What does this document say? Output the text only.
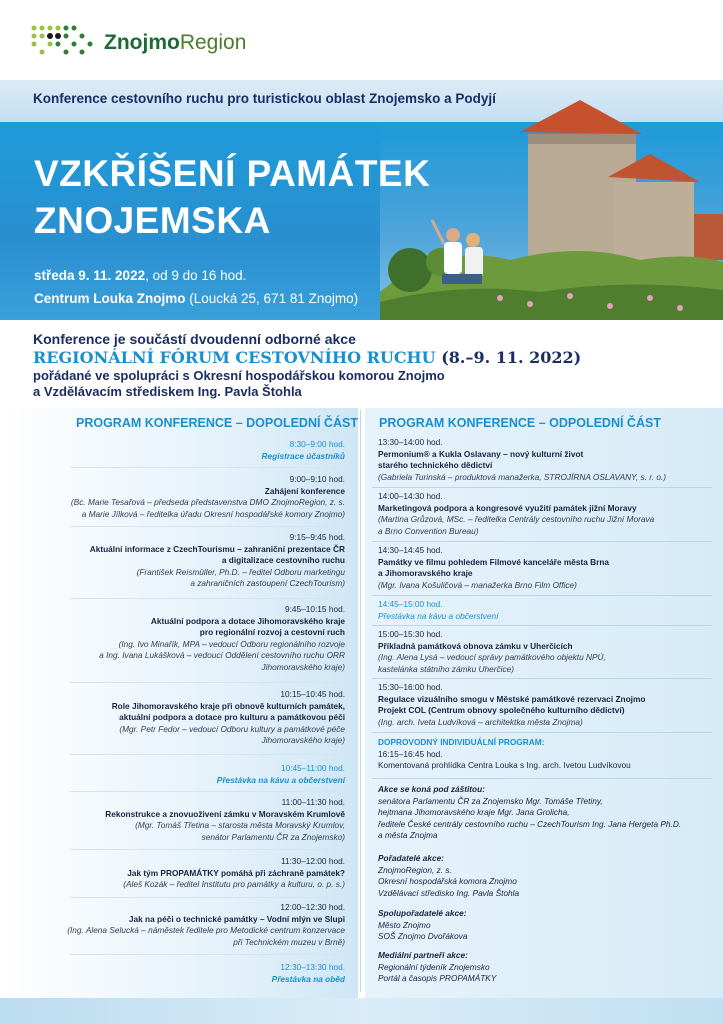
ZnojmoRegion
Konference cestovního ruchu pro turistickou oblast Znojemsko a Podyjí
VZKŘÍŠENÍ PAMÁTEK
ZNOJEMSKA
středa 9. 11. 2022, od 9 do 16 hod.
Centrum Louka Znojmo (Loucká 25, 671 81 Znojmo)
Konference je součástí dvoudenní odborné akce
REGIONÁLNÍ FÓRUM CESTOVNÍHO RUCHU (8.–9. 11. 2022)
pořádané ve spolupráci s Okresní hospodářskou komorou Znojmo
a Vzdělávacím střediskem Ing. Pavla Štohla
PROGRAM KONFERENCE – DOPOLEDNÍ ČÁST PROGRAM KONFERENCE – ODPOLEDNÍ ČÁST
8:30–9:00 hod.
Registrace účastníků
9:00–9:10 hod.
Zahájení konference
(Bc. Marie Tesařová – předseda představenstva DMO ZnojmoRegion, z. s.
a Marie Jílková – ředitelka úřadu Okresní hospodářské komory Znojmo)
9:15–9:45 hod.
Aktuální informace z CzechTourismu – zahraniční prezentace ČR
a digitalizace cestovního ruchu
(František Reismüller, Ph.D. – ředitel Odboru marketingu
a zahraničních zastoupení CzechTourism)
9:45–10:15 hod.
Aktuální podpora a dotace Jihomoravského kraje
pro regionální rozvoj a cestovní ruch
(Ing. Ivo Minařík, MPA – vedoucí Odboru regionálního rozvoje
a Ing. Ivana Lukášková – vedoucí Oddělení cestovního ruchu ORR
Jihomoravského kraje)
10:15–10:45 hod.
Role Jihomoravského kraje při obnově kulturních památek,
aktuální podpora a dotace pro kulturu a památkovou péči
(Mgr. Petr Fedor – vedoucí Odboru kultury a památkové péče
Jihomoravského kraje)
10:45–11:00 hod.
Přestávka na kávu a občerstvení
11:00–11:30 hod.
Rekonstrukce a znovuoživení zámku v Moravském Krumlově
(Mgr. Tomáš Třetina – starosta města Moravský Krumlov,
senátor Parlamentu ČR za Znojemsko)
11:30–12:00 hod.
Jak tým PROPAMÁTKY pomáhá při záchraně památek?
(Aleš Kozák – ředitel Institutu pro památky a kulturu, o. p. s.)
12:00–12:30 hod.
Jak na péči o technické památky – Vodní mlýn ve Slupi
(Ing. Alena Selucká – náměstek ředitele pro Metodické centrum konzervace
při Technickém muzeu v Brně)
12:30–13:30 hod.
Přestávka na oběd
13:30–14:00 hod.
Permonium® a Kukla Oslavany – nový kulturní život
starého technického dědictví
(Gabriela Turinská – produktová manažerka, STROJÍRNA OSLAVANY, s. r. o.)
14:00–14:30 hod.
Marketingová podpora a kongresové využití památek jižní Moravy
(Martina Grůzová, MSc. – ředitelka Centrály cestovního ruchu Jižní Morava
a Brno Convention Bureau)
14:30–14:45 hod.
Památky ve filmu pohledem Filmové kanceláře města Brna
a Jihomoravského kraje
(Mgr. Ivana Košuličová – manažerka Brno Film Office)
14:45–15:00 hod.
Přestávka na kávu a občerstvení
15:00–15:30 hod.
Příkladná památková obnova zámku v Uherčicích
(Ing. Alena Lysá – vedoucí správy památkového objektu NPÚ,
kastelánka státního zámku Uherčice)
15:30–16:00 hod.
Regulace vizuálního smogu v Městské památkové rezervaci Znojmo
Projekt COL (Centrum obnovy společného kulturního dědictví)
(Ing. arch. Iveta Ludvíková – architektka města Znojma)
DOPROVODNÝ INDIVIDUÁLNÍ PROGRAM:
16:15–16:45 hod.
Komentovaná prohlídka Centra Louka s Ing. arch. Ivetou Ludvíkovou
Akce se koná pod záštitou:
senátora Parlamentu ČR za Znojemsko Mgr. Tomáše Třetiny,
hejtmana Jihomoravského kraje Mgr. Jana Grolicha,
ředitele České centrály cestovního ruchu – CzechTourism Ing. Jana Hergeta Ph.D.
a města Znojma
Pořadatelé akce:
ZnojmoRegion, z. s.
Okresní hospodářská komora Znojmo
Vzdělávací středisko Ing. Pavla Štohla
Spolupořadatelé akce:
Město Znojmo
SOŠ Znojmo Dvořákova
Mediální partneři akce:
Regionální týdeník Znojemsko
Portál a časopis PROPAMÁTKY
